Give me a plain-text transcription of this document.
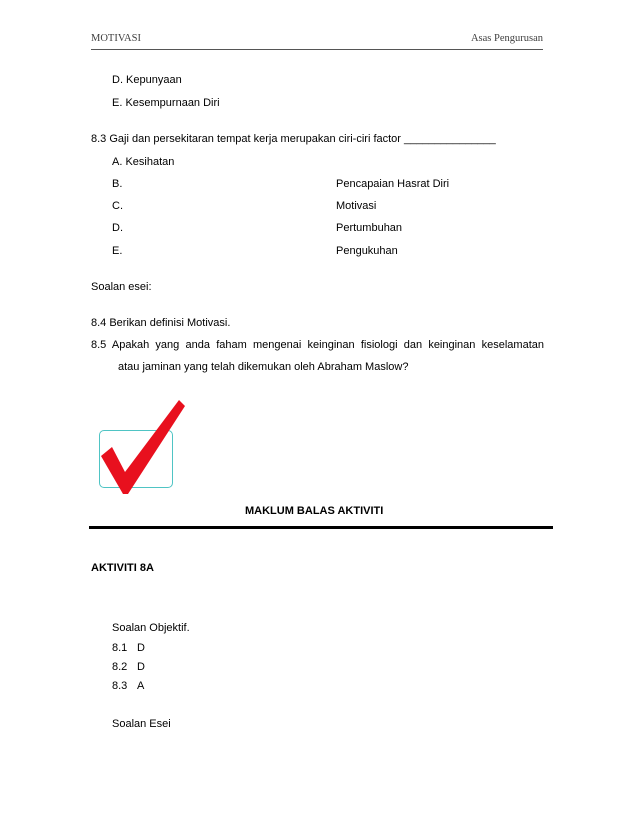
MOTIVASI	Asas Pengurusan
D. Kepunyaan
E. Kesempurnaan Diri
8.3 Gaji dan persekitaran tempat kerja merupakan ciri-ciri factor _______________
A. Kesihatan
B.	Pencapaian Hasrat Diri
C.	Motivasi
D.	Pertumbuhan
E.	Pengukuhan
Soalan esei:
8.4 Berikan definisi Motivasi.
8.5 Apakah yang anda faham mengenai keinginan fisiologi dan keinginan keselamatan
atau jaminan yang telah dikemukan oleh Abraham Maslow?
MAKLUM BALAS AKTIVITI
AKTIVITI 8A
Soalan Objektif.
8.1 D
8.2 D
8.3 A
Soalan Esei
